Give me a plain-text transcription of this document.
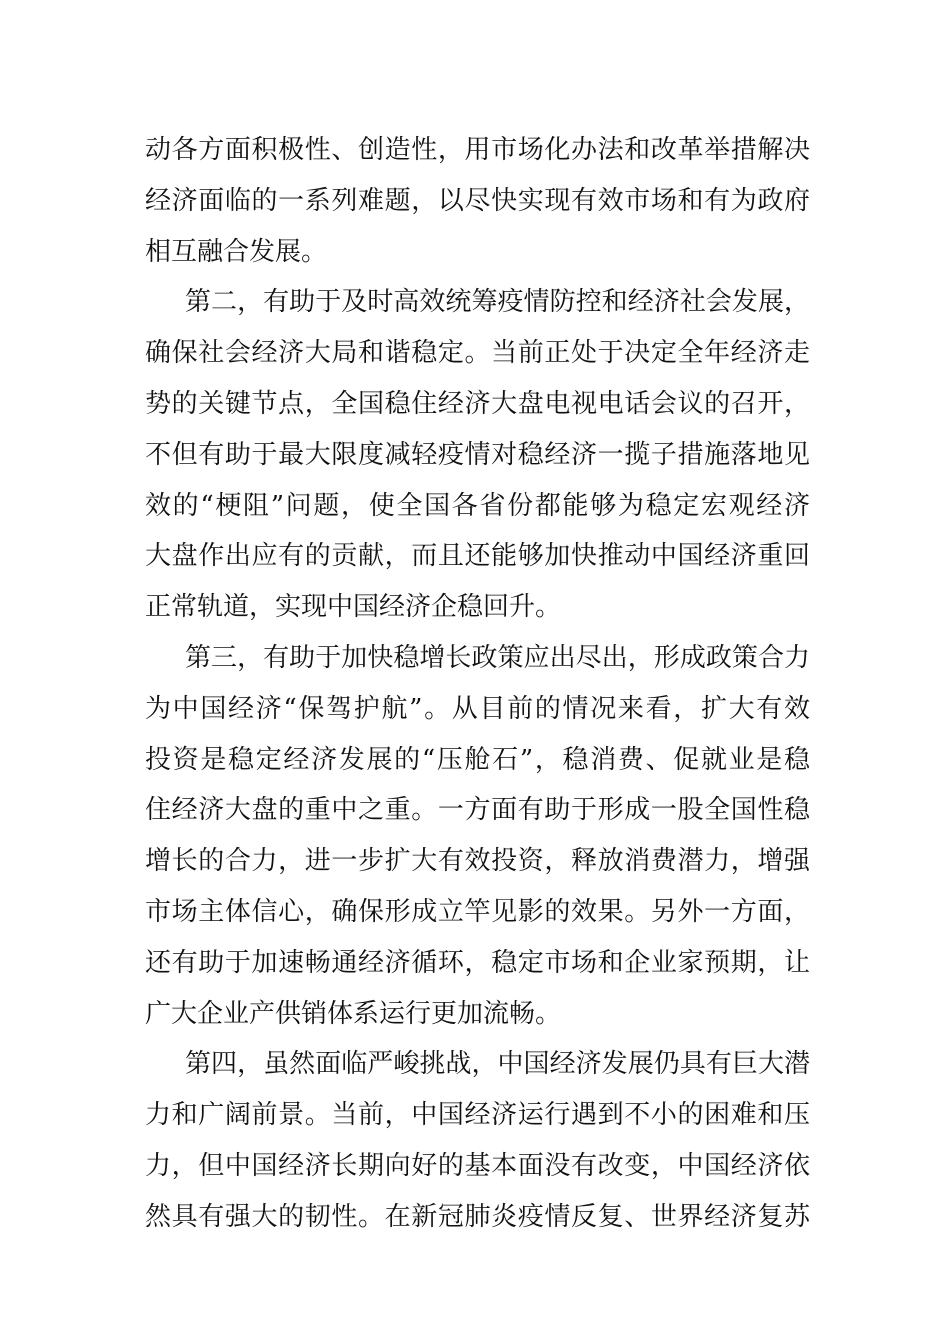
动各方面积极性、创造性，用市场化办法和改革举措解决
经济面临的一系列难题，以尽快实现有效市场和有为政府
相互融合发展。
第二，有助于及时高效统筹疫情防控和经济社会发展，
确保社会经济大局和谐稳定。当前正处于决定全年经济走
势的关键节点，全国稳住经济大盘电视电话会议的召开，
不但有助于最大限度减轻疫情对稳经济一揽子措施落地见
效的“梗阻”问题，使全国各省份都能够为稳定宏观经济
大盘作出应有的贡献，而且还能够加快推动中国经济重回
正常轨道，实现中国经济企稳回升。
第三，有助于加快稳增长政策应出尽出，形成政策合力
为中国经济“保驾护航”。从目前的情况来看，扩大有效
投资是稳定经济发展的“压舱石”，稳消费、促就业是稳
住经济大盘的重中之重。一方面有助于形成一股全国性稳
增长的合力，进一步扩大有效投资，释放消费潜力，增强
市场主体信心，确保形成立竿见影的效果。另外一方面，
还有助于加速畅通经济循环，稳定市场和企业家预期，让
广大企业产供销体系运行更加流畅。
第四，虽然面临严峻挑战，中国经济发展仍具有巨大潜
力和广阔前景。当前，中国经济运行遇到不小的困难和压
力，但中国经济长期向好的基本面没有改变，中国经济依
然具有强大的韧性。在新冠肺炎疫情反复、世界经济复苏
